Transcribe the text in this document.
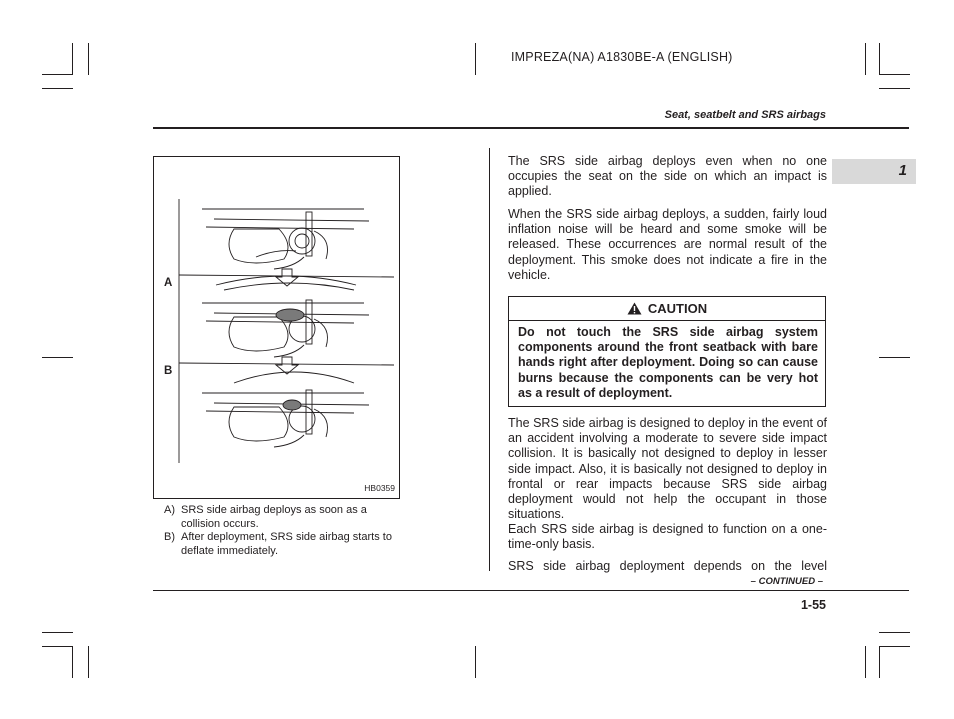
IMPREZA(NA) A1830BE-A (ENGLISH)
Seat, seatbelt and SRS airbags
1
A
B
HB0359
A) SRS side airbag deploys as soon as a collision occurs.
B) After deployment, SRS side airbag starts to deflate immediately.
The SRS side airbag deploys even when no one occupies the seat on the side on which an impact is applied.
When the SRS side airbag deploys, a sudden, fairly loud inflation noise will be heard and some smoke will be released. These occurrences are normal result of the deployment. This smoke does not indicate a fire in the vehicle.
CAUTION
Do not touch the SRS side airbag system components around the front seatback with bare hands right after deployment. Doing so can cause burns because the components can be very hot as a result of deployment.
The SRS side airbag is designed to deploy in the event of an accident involving a moderate to severe side impact collision. It is basically not designed to deploy in lesser side impact. Also, it is basically not designed to deploy in frontal or rear impacts because SRS side airbag deployment would not help the occupant in those situations.
Each SRS side airbag is designed to function on a one-time-only basis.
SRS side airbag deployment depends on the level
– CONTINUED –
1-55
